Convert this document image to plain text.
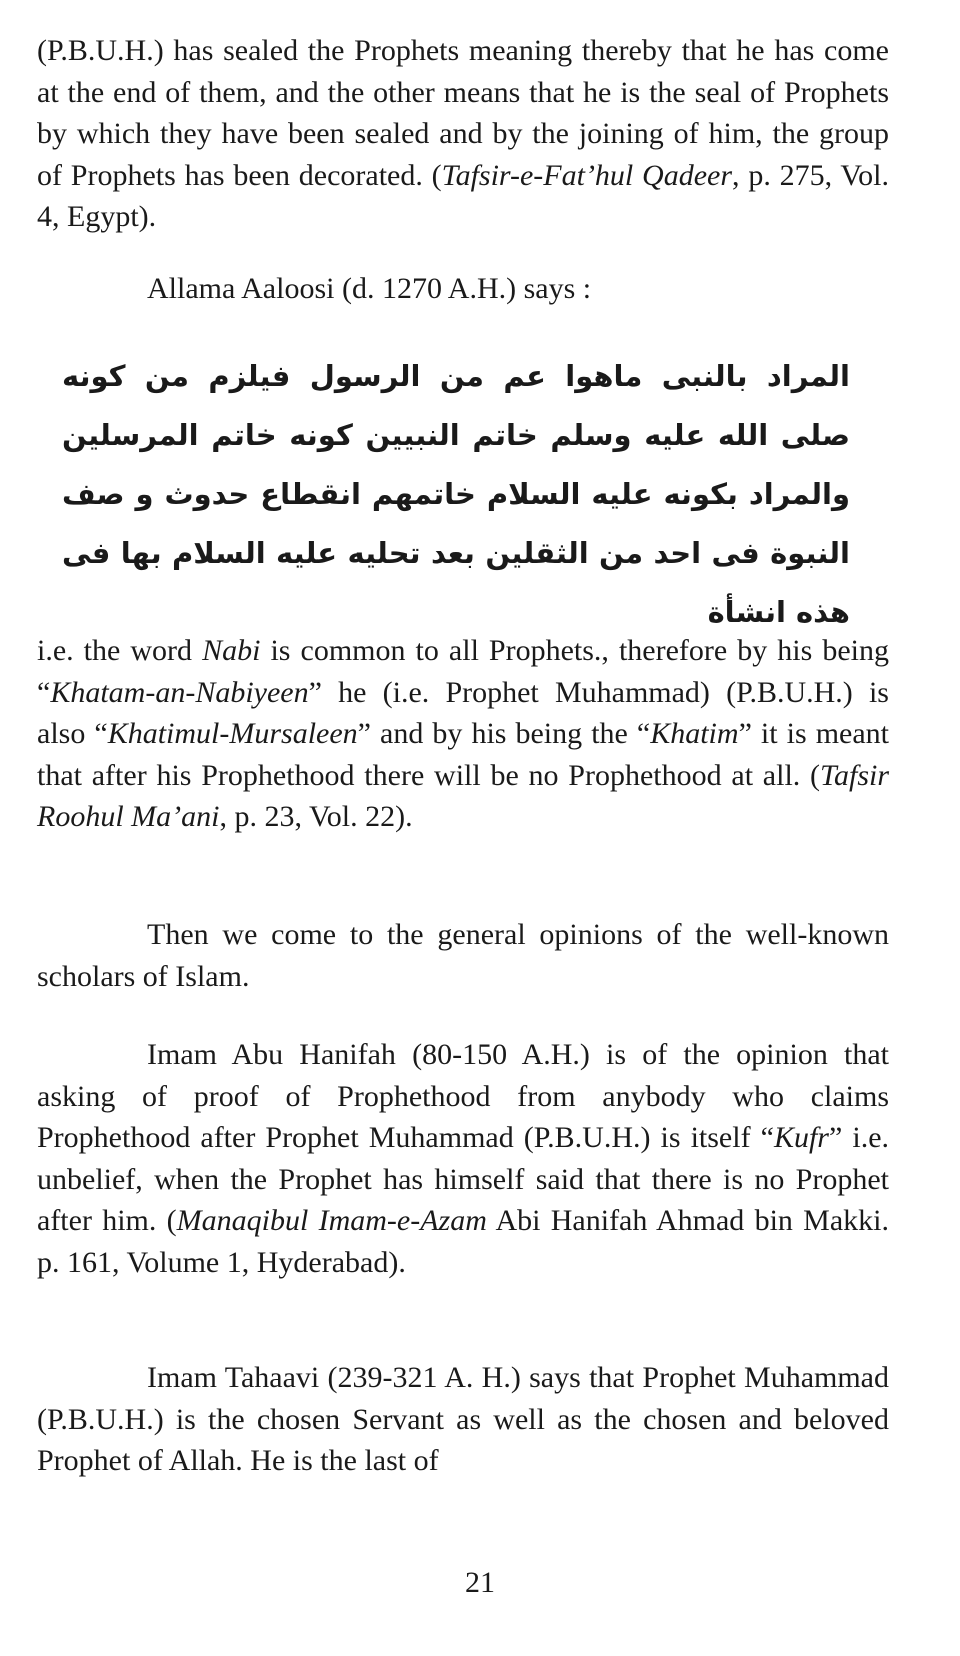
(P.B.U.H.) has sealed the Prophets meaning thereby that he has come at the end of them, and the other means that he is the seal of Prophets by which they have been sealed and by the joining of him, the group of Prophets has been decorated. (Tafsir-e-Fat’hul Qadeer, p. 275, Vol. 4, Egypt).

Allama Aaloosi (d. 1270 A.H.) says :

المراد بالنبى ماهوا عم من الرسول فيلزم من كونه صلى الله عليه وسلم خاتم النبيين كونه خاتم المرسلين والمراد بكونه عليه السلام خاتمهم انقطاع حدوث و صف النبوة فى احد من الثقلين بعد تحليه عليه السلام بها فى هذه انشأة

i.e. the word Nabi is common to all Prophets., therefore by his being “Khatam-an-Nabiyeen” he (i.e. Prophet Muhammad) (P.B.U.H.) is also “Khatimul-Mursaleen” and by his being the “Khatim” it is meant that after his Prophethood there will be no Prophethood at all. (Tafsir Roohul Ma’ani, p. 23, Vol. 22).

Then we come to the general opinions of the well-known scholars of Islam.

Imam Abu Hanifah (80-150 A.H.) is of the opinion that asking of proof of Prophethood from anybody who claims Prophethood after Prophet Muhammad (P.B.U.H.) is itself “Kufr” i.e. unbelief, when the Prophet has himself said that there is no Prophet after him. (Manaqibul Imam-e-Azam Abi Hanifah Ahmad bin Makki. p. 161, Volume 1, Hyderabad).

Imam Tahaavi (239-321 A. H.) says that Prophet Muhammad (P.B.U.H.) is the chosen Servant as well as the chosen and beloved Prophet of Allah. He is the last of

21
